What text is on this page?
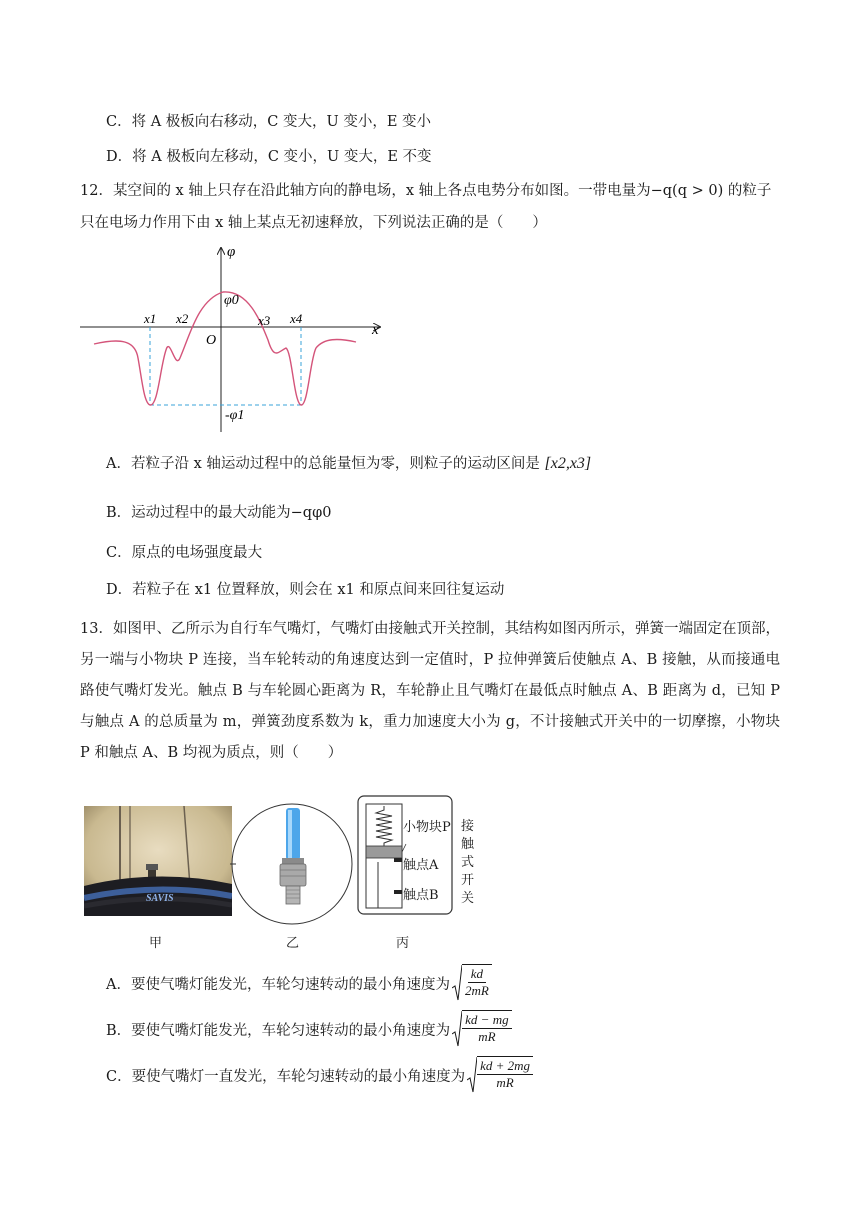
C．将 A 极板向右移动，C 变大，U 变小，E 变小
D．将 A 极板向左移动，C 变小，U 变大，E 不变
12．某空间的 x 轴上只存在沿此轴方向的静电场，x 轴上各点电势分布如图。一带电量为−q(q > 0) 的粒子
只在电场力作用下由 x 轴上某点无初速释放，下列说法正确的是（　　）
φ
x
O
φ0
x1 x2	x3 x4
-φ1
A．若粒子沿 x 轴运动过程中的总能量恒为零，则粒子的运动区间是 [x2,x3]
B．运动过程中的最大动能为−qφ0
C．原点的电场强度最大
D．若粒子在 x1 位置释放，则会在 x1 和原点间来回往复运动
13．如图甲、乙所示为自行车气嘴灯，气嘴灯由接触式开关控制，其结构如图丙所示，弹簧一端固定在顶部，另一端与小物块 P 连接，当车轮转动的角速度达到一定值时，P 拉伸弹簧后使触点 A、B 接触，从而接通电路使气嘴灯发光。触点 B 与车轮圆心距离为 R，车轮静止且气嘴灯在最低点时触点 A、B 距离为 d，已知 P 与触点 A 的总质量为 m，弹簧劲度系数为 k，重力加速度大小为 g，不计接触式开关中的一切摩擦，小物块 P 和触点 A、B 均视为质点，则（　　）
SAVIS
小物块P
触点A
触点B
接触式开关
甲	乙	丙
A．要使气嘴灯能发光，车轮匀速转动的最小角速度为 $\frac{kd}{2mR}$
B．要使气嘴灯能发光，车轮匀速转动的最小角速度为 $\frac{kd - mg}{mR}$
C．要使气嘴灯一直发光，车轮匀速转动的最小角速度为 $\frac{kd + 2mg}{mR}$
